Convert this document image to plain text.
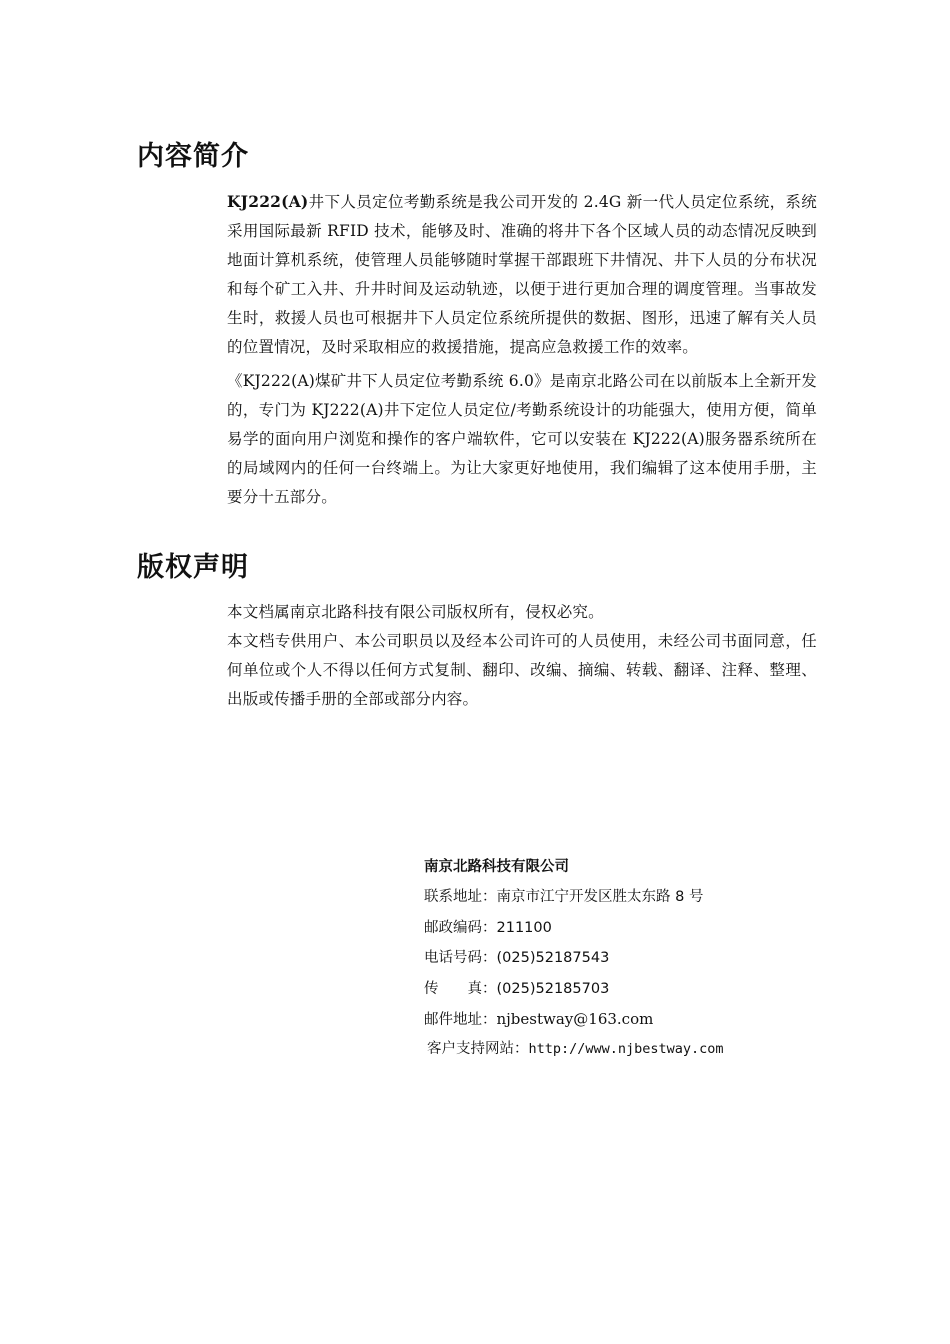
内容简介

KJ222(A)井下人员定位考勤系统是我公司开发的 2.4G 新一代人员定位系统，系统采用国际最新 RFID 技术，能够及时、准确的将井下各个区域人员的动态情况反映到地面计算机系统，使管理人员能够随时掌握干部跟班下井情况、井下人员的分布状况和每个矿工入井、升井时间及运动轨迹，以便于进行更加合理的调度管理。当事故发生时，救援人员也可根据井下人员定位系统所提供的数据、图形，迅速了解有关人员的位置情况，及时采取相应的救援措施，提高应急救援工作的效率。

《KJ222(A)煤矿井下人员定位考勤系统 6.0》是南京北路公司在以前版本上全新开发的，专门为 KJ222(A)井下定位人员定位/考勤系统设计的功能强大，使用方便，简单易学的面向用户浏览和操作的客户端软件，它可以安装在 KJ222(A)服务器系统所在的局域网内的任何一台终端上。为让大家更好地使用，我们编辑了这本使用手册，主要分十五部分。

版权声明

本文档属南京北路科技有限公司版权所有，侵权必究。

本文档专供用户、本公司职员以及经本公司许可的人员使用，未经公司书面同意，任何单位或个人不得以任何方式复制、翻印、改编、摘编、转载、翻译、注释、整理、出版或传播手册的全部或部分内容。

南京北路科技有限公司

联系地址：南京市江宁开发区胜太东路 8 号

邮政编码：211100

电话号码：(025)52187543

传　　真：(025)52185703

邮件地址：njbestway@163.com

客户支持网站：http://www.njbestway.com
